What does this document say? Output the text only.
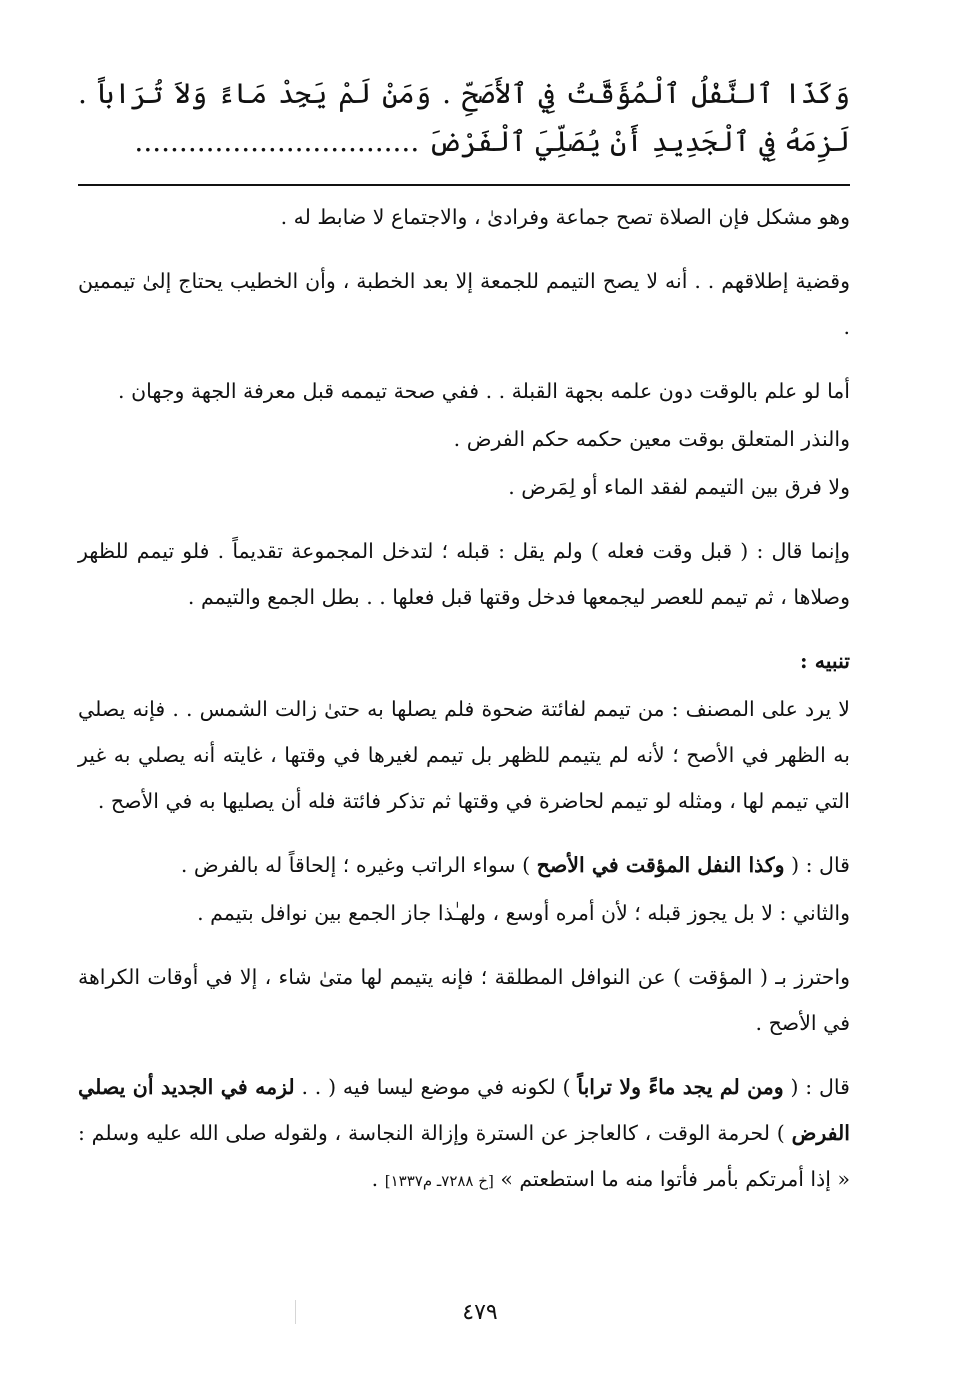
وَكَذَا ٱلنَّفْلُ ٱلْمُؤَقَّتُ فِي ٱلأَصَحِّ . وَمَنْ لَمْ يَجِدْ مَاءً وَلاَ تُرَاباً . لَزِمَهُ فِي ٱلْجَدِيدِ أَنْ يُصَلِّيَ ٱلْفَرْضَ ................................

وهو مشكل فإن الصلاة تصح جماعة وفرادىٰ ، والاجتماع لا ضابط له .

وقضية إطلاقهم . . أنه لا يصح التيمم للجمعة إلا بعد الخطبة ، وأن الخطيب يحتاج إلىٰ تيممين .

أما لو علم بالوقت دون علمه بجهة القبلة . . ففي صحة تيممه قبل معرفة الجهة وجهان .

والنذر المتعلق بوقت معين حكمه حكم الفرض .

ولا فرق بين التيمم لفقد الماء أو لِمَرض .

وإنما قال : ( قبل وقت فعله ) ولم يقل : قبله ؛ لتدخل المجموعة تقديماً . فلو تيمم للظهر وصلاها ، ثم تيمم للعصر ليجمعها فدخل وقتها قبل فعلها . . بطل الجمع والتيمم .

تنبيه :

لا يرد على المصنف : من تيمم لفائتة ضحوة فلم يصلها به حتىٰ زالت الشمس . . فإنه يصلي به الظهر في الأصح ؛ لأنه لم يتيمم للظهر بل تيمم لغيرها في وقتها ، غايته أنه يصلي به غير التي تيمم لها ، ومثله لو تيمم لحاضرة في وقتها ثم تذكر فائتة فله أن يصليها به في الأصح .

قال : ( وكذا النفل المؤقت في الأصح ) سواء الراتب وغيره ؛ إلحاقاً له بالفرض .

والثاني : لا بل يجوز قبله ؛ لأن أمره أوسع ، ولهـٰذا جاز الجمع بين نوافل بتيمم .

واحترز بـ ( المؤقت ) عن النوافل المطلقة ؛ فإنه يتيمم لها متىٰ شاء ، إلا في أوقات الكراهة في الأصح .

قال : ( ومن لم يجد ماءً ولا تراباً ) لكونه في موضع ليسا فيه ( . . لزمه في الجديد أن يصلي الفرض ) لحرمة الوقت ، كالعاجز عن السترة وإزالة النجاسة ، ولقوله صلى الله عليه وسلم : « إذا أمرتكم بأمر فأتوا منه ما استطعتم » [خ ٧٢٨٨ـ م١٣٣٧] .

٤٧٩
